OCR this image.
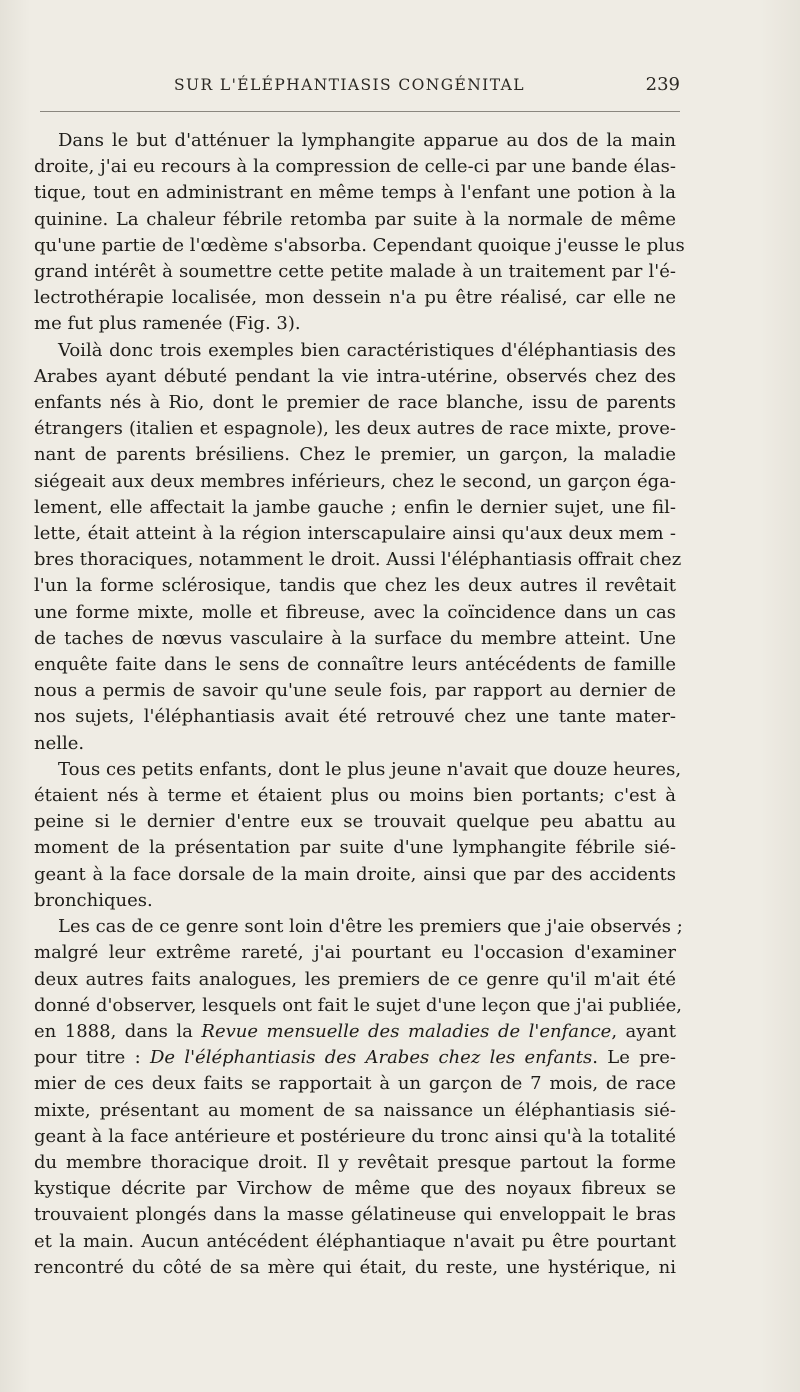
SUR L'ÉLÉPHANTIASIS CONGÉNITAL	239
Dans le but d'atténuer la lymphangite apparue au dos de la main
droite, j'ai eu recours à la compression de celle-ci par une bande élas-
tique, tout en administrant en même temps à l'enfant une potion à la
quinine. La chaleur fébrile retomba par suite à la normale de même
qu'une partie de l'œdème s'absorba. Cependant quoique j'eusse le plus
grand intérêt à soumettre cette petite malade à un traitement par l'é-
lectrothérapie localisée, mon dessein n'a pu être réalisé, car elle ne
me fut plus ramenée (Fig. 3).
Voilà donc trois exemples bien caractéristiques d'éléphantiasis des
Arabes ayant débuté pendant la vie intra-utérine, observés chez des
enfants nés à Rio, dont le premier de race blanche, issu de parents
étrangers (italien et espagnole), les deux autres de race mixte, prove-
nant de parents brésiliens. Chez le premier, un garçon, la maladie
siégeait aux deux membres inférieurs, chez le second, un garçon éga-
lement, elle affectait la jambe gauche ; enfin le dernier sujet, une fil-
lette, était atteint à la région interscapulaire ainsi qu'aux deux mem -
bres thoraciques, notamment le droit. Aussi l'éléphantiasis offrait chez
l'un la forme sclérosique, tandis que chez les deux autres il revêtait
une forme mixte, molle et fibreuse, avec la coïncidence dans un cas
de taches de nœvus vasculaire à la surface du membre atteint. Une
enquête faite dans le sens de connaître leurs antécédents de famille
nous a permis de savoir qu'une seule fois, par rapport au dernier de
nos sujets, l'éléphantiasis avait été retrouvé chez une tante mater-
nelle.
Tous ces petits enfants, dont le plus jeune n'avait que douze heures,
étaient nés à terme et étaient plus ou moins bien portants; c'est à
peine si le dernier d'entre eux se trouvait quelque peu abattu au
moment de la présentation par suite d'une lymphangite fébrile sié-
geant à la face dorsale de la main droite, ainsi que par des accidents
bronchiques.
Les cas de ce genre sont loin d'être les premiers que j'aie observés ;
malgré leur extrême rareté, j'ai pourtant eu l'occasion d'examiner
deux autres faits analogues, les premiers de ce genre qu'il m'ait été
donné d'observer, lesquels ont fait le sujet d'une leçon que j'ai publiée,
en 1888, dans la Revue mensuelle des maladies de l'enfance, ayant
pour titre : De l'éléphantiasis des Arabes chez les enfants. Le pre-
mier de ces deux faits se rapportait à un garçon de 7 mois, de race
mixte, présentant au moment de sa naissance un éléphantiasis sié-
geant à la face antérieure et postérieure du tronc ainsi qu'à la totalité
du membre thoracique droit. Il y revêtait presque partout la forme
kystique décrite par Virchow de même que des noyaux fibreux se
trouvaient plongés dans la masse gélatineuse qui enveloppait le bras
et la main. Aucun antécédent éléphantiaque n'avait pu être pourtant
rencontré du côté de sa mère qui était, du reste, une hystérique, ni
